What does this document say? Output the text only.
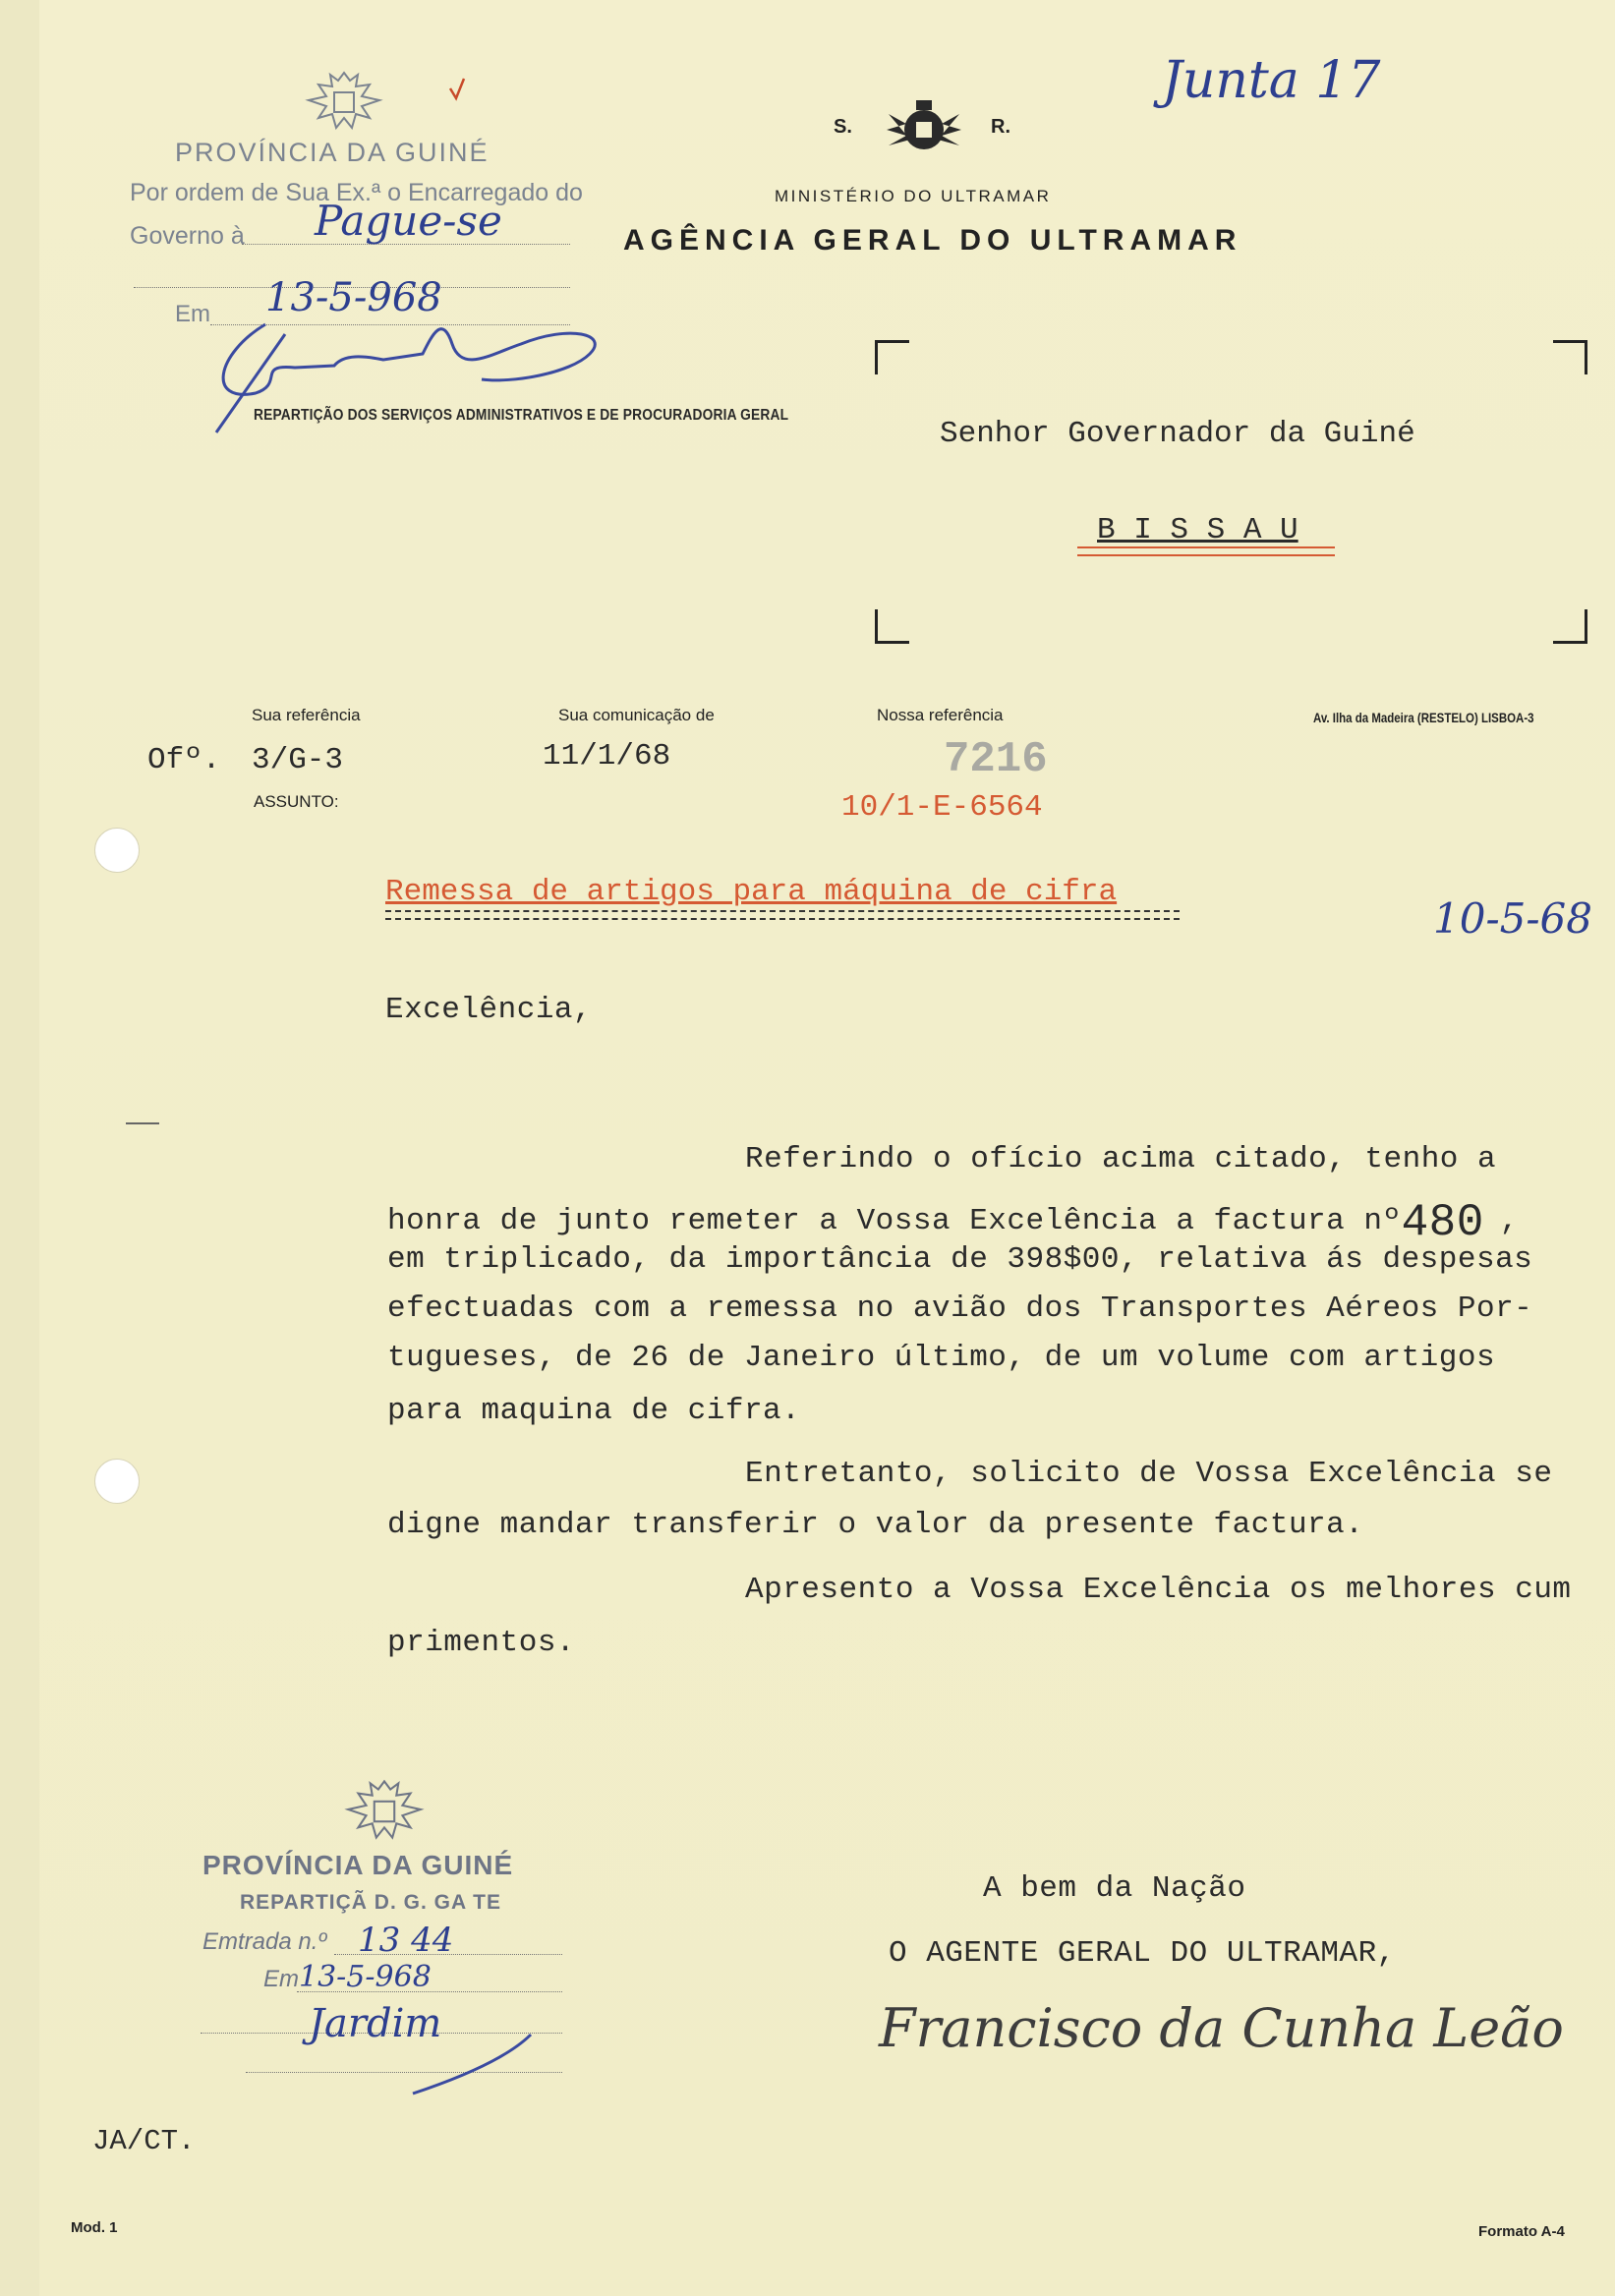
PROVÍNCIA DA GUINÉ
Por ordem de Sua Ex.ª o Encarregado do
Governo à Pague-se
Em 13-5-968
REPARTIÇÃO DOS SERVIÇOS ADMINISTRATIVOS E DE PROCURADORIA GERAL
Junta 17
S.	R.
MINISTÉRIO DO ULTRAMAR
AGÊNCIA GERAL DO ULTRAMAR
Senhor Governador da Guiné
B I S S A U
Sua referência	Sua comunicação de	Nossa referência	Av. Ilha da Madeira (RESTELO) LISBOA-3
Ofº. 3/G-3	11/1/68	7216
10/1-E-6564
ASSUNTO:
Remessa de artigos para máquina de cifra
10-5-68
Excelência,
Referindo o ofício acima citado, tenho a
honra de junto remeter a Vossa Excelência a factura nº480 ,
em triplicado, da importância de 398$00, relativa ás despesas
efectuadas com a remessa no avião dos Transportes Aéreos Por-
tugueses, de 26 de Janeiro último, de um volume com artigos
para maquina de cifra.
Entretanto, solicito de Vossa Excelência se
digne mandar transferir o valor da presente factura.
Apresento a Vossa Excelência os melhores cum
primentos.
A bem da Nação
O AGENTE GERAL DO ULTRAMAR,
Francisco da Cunha Leão
PROVÍNCIA DA GUINÉ
REPARTIÇÃ D. G. GA TE
Emtrada n.º 13 44
Em 13-5-968
Jardim
JA/CT.
Mod. 1	Formato A-4
